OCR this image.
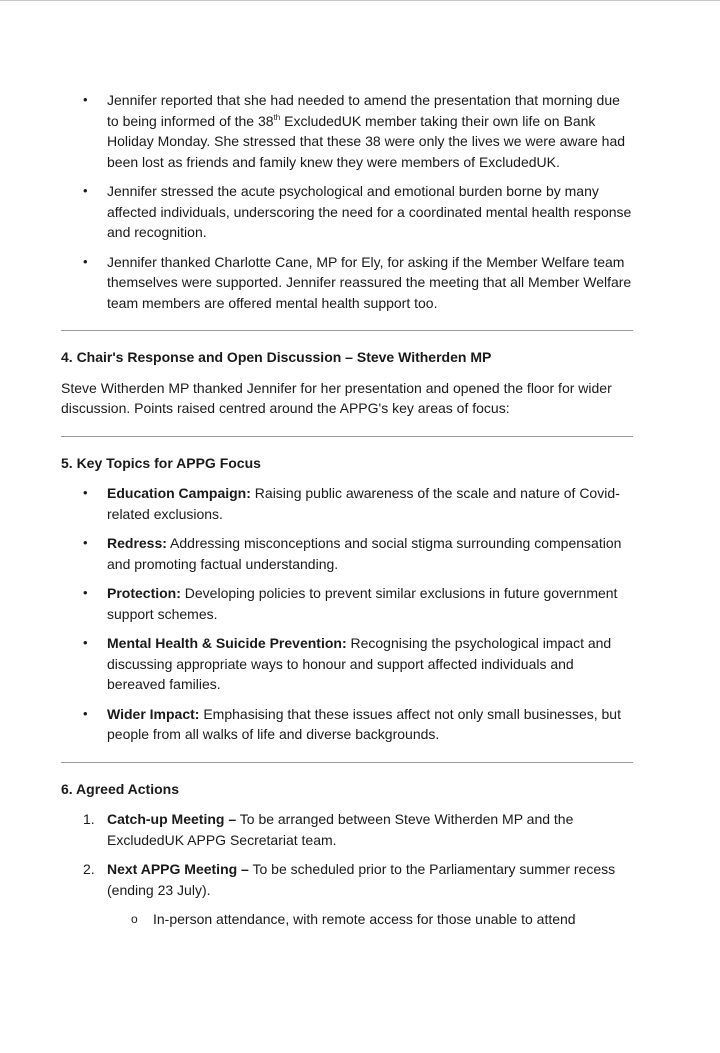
• Jennifer reported that she had needed to amend the presentation that morning due to being informed of the 38th ExcludedUK member taking their own life on Bank Holiday Monday. She stressed that these 38 were only the lives we were aware had been lost as friends and family knew they were members of ExcludedUK.
• Jennifer stressed the acute psychological and emotional burden borne by many affected individuals, underscoring the need for a coordinated mental health response and recognition.
• Jennifer thanked Charlotte Cane, MP for Ely, for asking if the Member Welfare team themselves were supported. Jennifer reassured the meeting that all Member Welfare team members are offered mental health support too.
4. Chair's Response and Open Discussion – Steve Witherden MP

Steve Witherden MP thanked Jennifer for her presentation and opened the floor for wider discussion. Points raised centred around the APPG's key areas of focus:

5. Key Topics for APPG Focus
• Education Campaign: Raising public awareness of the scale and nature of Covid-related exclusions.
• Redress: Addressing misconceptions and social stigma surrounding compensation and promoting factual understanding.
• Protection: Developing policies to prevent similar exclusions in future government support schemes.
• Mental Health & Suicide Prevention: Recognising the psychological impact and discussing appropriate ways to honour and support affected individuals and bereaved families.
• Wider Impact: Emphasising that these issues affect not only small businesses, but people from all walks of life and diverse backgrounds.
6. Agreed Actions
1. Catch-up Meeting – To be arranged between Steve Witherden MP and the ExcludedUK APPG Secretariat team.
2. Next APPG Meeting – To be scheduled prior to the Parliamentary summer recess (ending 23 July).
o In-person attendance, with remote access for those unable to attend
